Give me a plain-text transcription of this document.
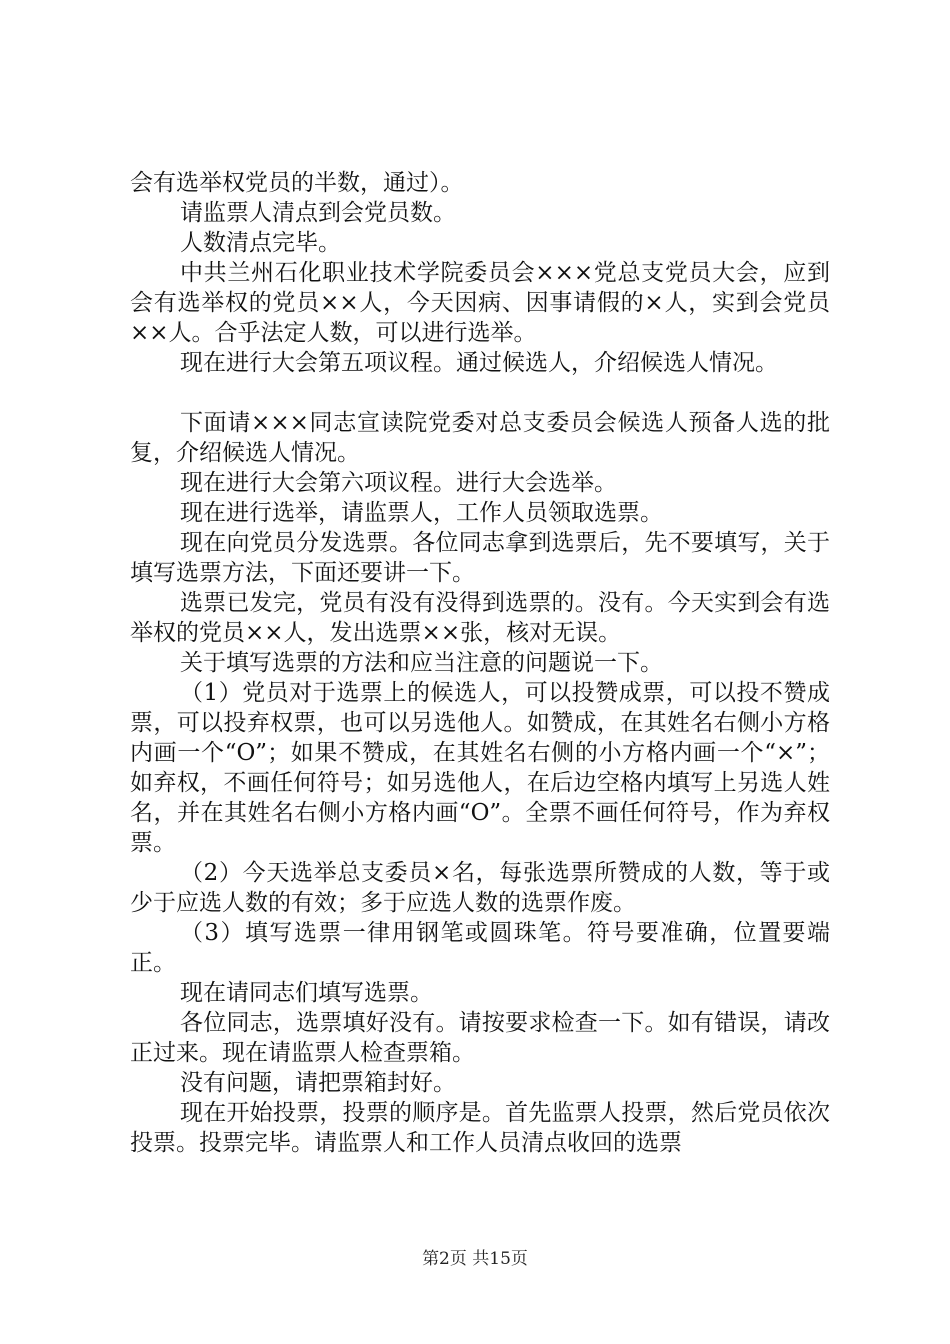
会有选举权党员的半数，通过）。

请监票人清点到会党员数。

人数清点完毕。

中共兰州石化职业技术学院委员会×××党总支党员大会，应到会有选举权的党员××人，今天因病、因事请假的×人，实到会党员××人。合乎法定人数，可以进行选举。

现在进行大会第五项议程。通过候选人，介绍候选人情况。

下面请×××同志宣读院党委对总支委员会候选人预备人选的批复，介绍候选人情况。

现在进行大会第六项议程。进行大会选举。

现在进行选举，请监票人，工作人员领取选票。

现在向党员分发选票。各位同志拿到选票后，先不要填写，关于填写选票方法，下面还要讲一下。

选票已发完，党员有没有没得到选票的。没有。今天实到会有选举权的党员××人，发出选票××张，核对无误。

关于填写选票的方法和应当注意的问题说一下。

（1）党员对于选票上的候选人，可以投赞成票，可以投不赞成票，可以投弃权票，也可以另选他人。如赞成，在其姓名右侧小方格内画一个“O”；如果不赞成，在其姓名右侧的小方格内画一个“×”；如弃权，不画任何符号；如另选他人，在后边空格内填写上另选人姓名，并在其姓名右侧小方格内画“O”。全票不画任何符号，作为弃权票。

（2）今天选举总支委员×名，每张选票所赞成的人数，等于或少于应选人数的有效；多于应选人数的选票作废。

（3）填写选票一律用钢笔或圆珠笔。符号要准确，位置要端正。

现在请同志们填写选票。

各位同志，选票填好没有。请按要求检查一下。如有错误，请改正过来。现在请监票人检查票箱。

没有问题，请把票箱封好。

现在开始投票，投票的顺序是。首先监票人投票，然后党员依次投票。投票完毕。请监票人和工作人员清点收回的选票

第2页 共15页
